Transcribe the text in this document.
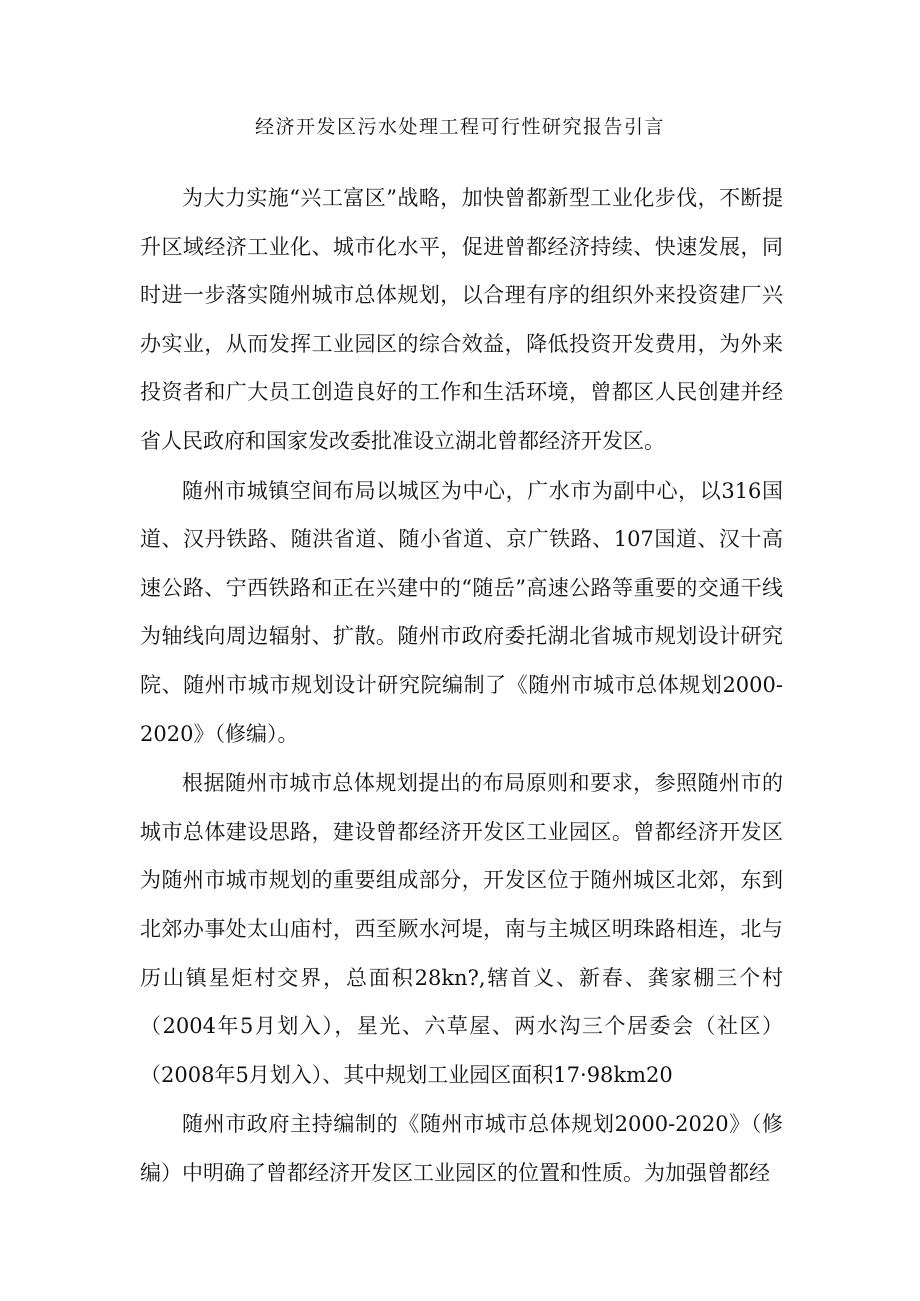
经济开发区污水处理工程可行性研究报告引言

为大力实施“兴工富区”战略，加快曾都新型工业化步伐，不断提升区域经济工业化、城市化水平，促进曾都经济持续、快速发展，同时进一步落实随州城市总体规划，以合理有序的组织外来投资建厂兴办实业，从而发挥工业园区的综合效益，降低投资开发费用，为外来投资者和广大员工创造良好的工作和生活环境，曾都区人民创建并经省人民政府和国家发改委批准设立湖北曾都经济开发区。

随州市城镇空间布局以城区为中心，广水市为副中心，以316国道、汉丹铁路、随洪省道、随小省道、京广铁路、107国道、汉十高速公路、宁西铁路和正在兴建中的“随岳”高速公路等重要的交通干线为轴线向周边辐射、扩散。随州市政府委托湖北省城市规划设计研究院、随州市城市规划设计研究院编制了《随州市城市总体规划2000-2020》（修编）。

根据随州市城市总体规划提出的布局原则和要求，参照随州市的城市总体建设思路，建设曾都经济开发区工业园区。曾都经济开发区为随州市城市规划的重要组成部分，开发区位于随州城区北郊，东到北郊办事处太山庙村，西至厥水河堤，南与主城区明珠路相连，北与历山镇星炬村交界，总面积28kn?,辖首义、新春、龚家棚三个村（2004年5月划入），星光、六草屋、两水沟三个居委会（社区）（2008年5月划入）、其中规划工业园区面积17·98km20

随州市政府主持编制的《随州市城市总体规划2000-2020》（修编）中明确了曾都经济开发区工业园区的位置和性质。为加强曾都经
